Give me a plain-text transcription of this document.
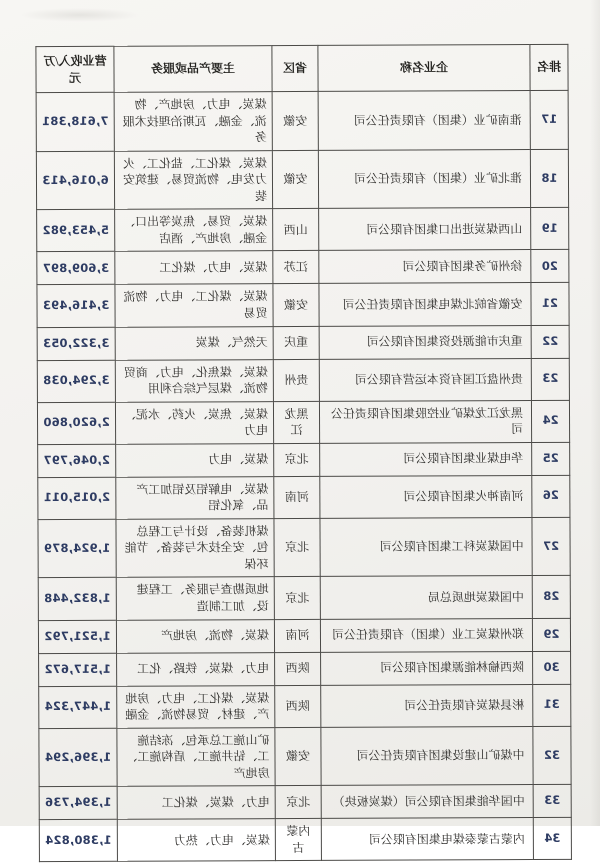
排名	企业名称	省区	主要产品或服务	营业收入/万元
17	淮南矿业（集团）有限责任公司	安徽	煤炭、电力、房地产、物流、金融、瓦斯治理技术服务	7,618,381
18	淮北矿业（集团）有限责任公司	安徽	煤炭、煤化工、盐化工、火力发电、物流贸易、建筑安装	6,016,413
19	山西煤炭进出口集团有限公司	山西	煤炭、贸易、焦炭等出口、金融、房地产、酒店	5,453,982
20	徐州矿务集团有限公司	江苏	煤炭、电力、煤化工	3,609,897
21	安徽省皖北煤电集团有限责任公司	安徽	煤炭、煤化工、电力、物流贸易	3,416,493
22	重庆市能源投资集团有限公司	重庆	天然气、煤炭	3,322,053
23	贵州盘江国有资本运营有限公司	贵州	煤炭、煤焦化、电力、商贸物流、煤层气综合利用	3,294,038
24	黑龙江龙煤矿业控股集团有限责任公司	黑龙江	煤炭、焦炭、火药、水泥、电力	2,620,860
25	华电煤业集团有限公司	北京	煤炭、电力	2,046,797
26	河南神火集团有限公司	河南	煤炭、电解铝及铝加工产品、氧化铝	2,015,011
27	中国煤炭科工集团有限公司	北京	煤机装备、设计与工程总包、安全技术与装备、节能环保	1,924,879
28	中国煤炭地质总局	北京	地质勘查与服务、工程建设、加工制造	1,832,448
29	郑州煤炭工业（集团）有限责任公司	河南	煤炭、物流、房地产	1,521,792
30	陕西榆林能源集团有限公司	陕西	电力、煤炭、铁路、化工	1,517,672
31	彬县煤炭有限责任公司	陕西	煤炭、煤化工、电力、房地产、建材、贸易物流、金融	1,447,324
32	中煤矿山建设集团有限责任公司	安徽	矿山施工总承包、冻结施工、钻井施工、盾构施工、房地产	1,396,294
33	中国华能集团有限公司（煤炭板块）	北京	电力、煤炭、煤化工	1,394,736
34	内蒙古蒙泰煤电集团有限公司	内蒙古	煤炭、电力、热力	1,380,824
